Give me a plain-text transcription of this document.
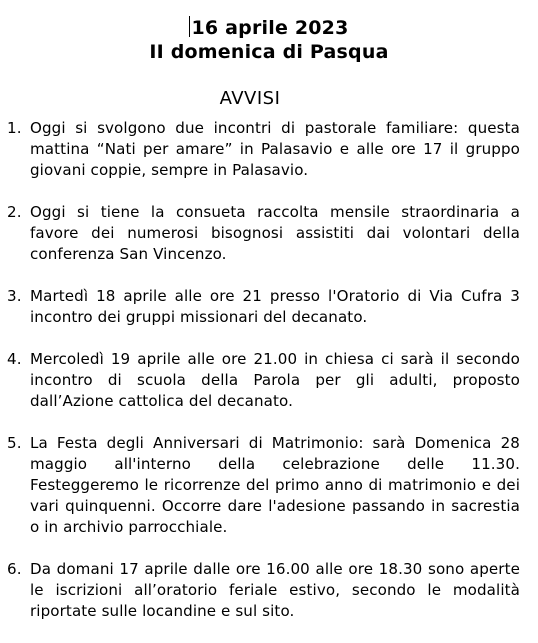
16 aprile 2023
II domenica di Pasqua
AVVISI
1. Oggi si svolgono due incontri di pastorale familiare: questa mattina “Nati per amare” in Palasavio e alle ore 17 il gruppo giovani coppie, sempre in Palasavio.
2. Oggi si tiene la consueta raccolta mensile straordinaria a favore dei numerosi bisognosi assistiti dai volontari della conferenza San Vincenzo.
3. Martedì 18 aprile alle ore 21 presso l'Oratorio di Via Cufra 3 incontro dei gruppi missionari del decanato.
4. Mercoledì 19 aprile alle ore 21.00 in chiesa ci sarà il secondo incontro di scuola della Parola per gli adulti, proposto dall’Azione cattolica del decanato.
5. La Festa degli Anniversari di Matrimonio: sarà Domenica 28 maggio all'interno della celebrazione delle 11.30. Festeggeremo le ricorrenze del primo anno di matrimonio e dei vari quinquenni. Occorre dare l'adesione passando in sacrestia o in archivio parrocchiale.
6. Da domani 17 aprile dalle ore 16.00 alle ore 18.30 sono aperte le iscrizioni all’oratorio feriale estivo, secondo le modalità riportate sulle locandine e sul sito.
